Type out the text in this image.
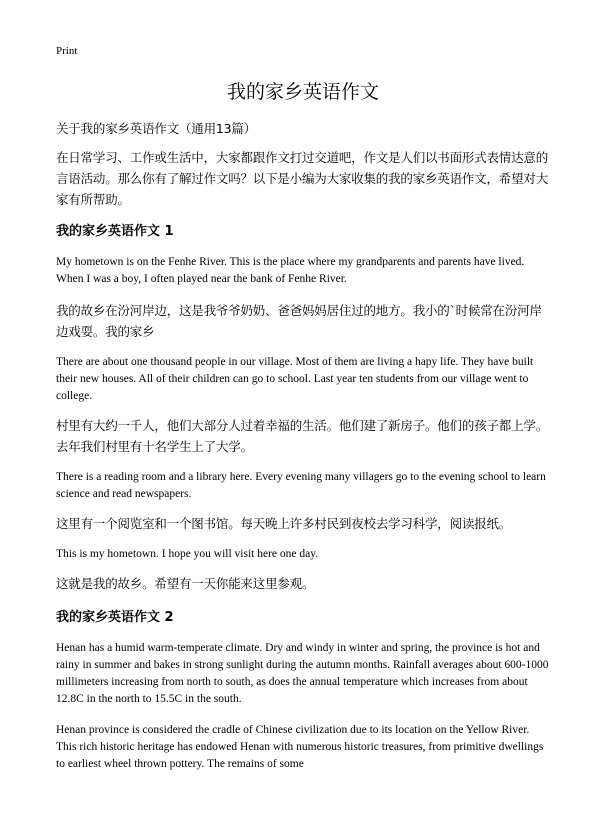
Print
我的家乡英语作文

关于我的家乡英语作文（通用13篇）

在日常学习、工作或生活中，大家都跟作文打过交道吧，作文是人们以书面形式表情达意的言语活动。那么你有了解过作文吗？以下是小编为大家收集的我的家乡英语作文，希望对大家有所帮助。

我的家乡英语作文 1

My hometown is on the Fenhe River. This is the place where my grandparents and parents have lived. When I was a boy, I often played near the bank of Fenhe River.

我的故乡在汾河岸边，这是我爷爷奶奶、爸爸妈妈居住过的地方。我小的`时候常在汾河岸边戏耍。我的家乡

There are about one thousand people in our village. Most of them are living a hapy life. They have built their new houses. All of their children can go to school. Last year ten students from our village went to college.

村里有大约一千人，他们大部分人过着幸福的生活。他们建了新房子。他们的孩子都上学。去年我们村里有十名学生上了大学。

There is a reading room and a library here. Every evening many villagers go to the evening school to learn science and read newspapers.

这里有一个阅览室和一个图书馆。每天晚上许多村民到夜校去学习科学，阅读报纸。

This is my hometown. I hope you will visit here one day.

这就是我的故乡。希望有一天你能来这里参观。

我的家乡英语作文 2

Henan has a humid warm-temperate climate. Dry and windy in winter and spring, the province is hot and rainy in summer and bakes in strong sunlight during the autumn months. Rainfall averages about 600-1000 millimeters increasing from north to south, as does the annual temperature which increases from about 12.8C in the north to 15.5C in the south.

Henan province is considered the cradle of Chinese civilization due to its location on the Yellow River. This rich historic heritage has endowed Henan with numerous historic treasures, from primitive dwellings to earliest wheel thrown pottery. The remains of some
